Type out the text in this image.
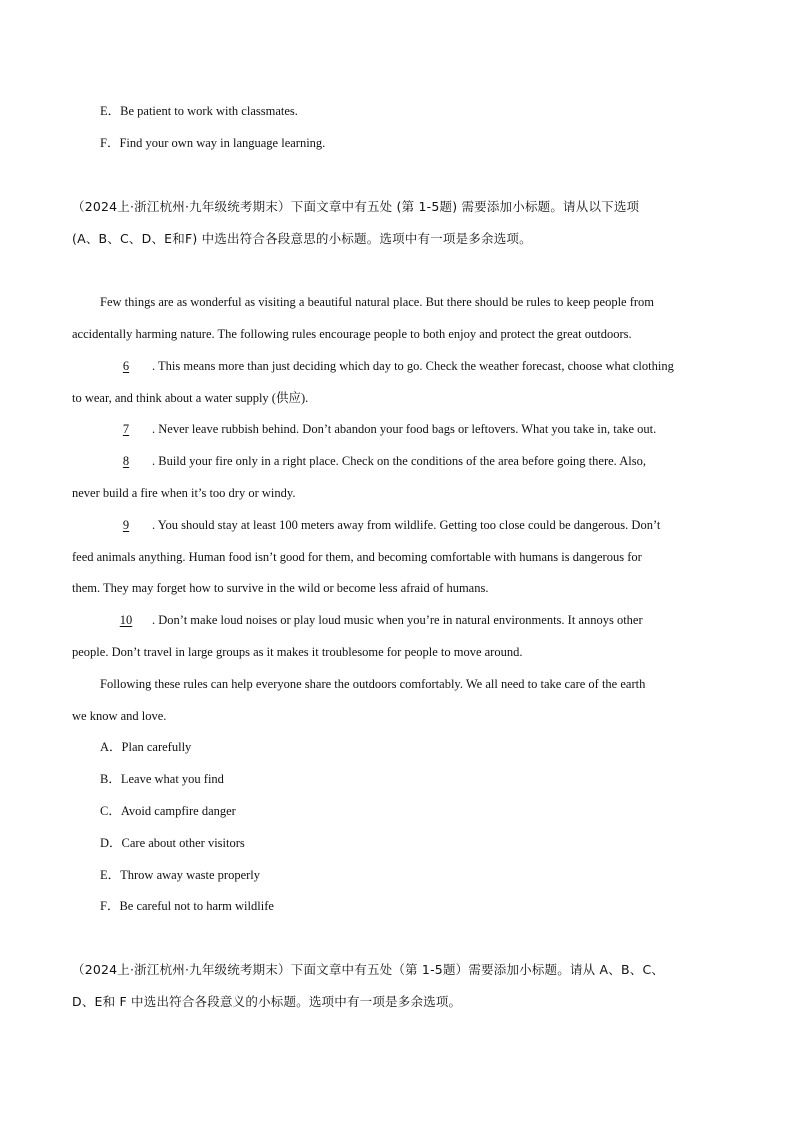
E．Be patient to work with classmates.
F．Find your own way in language learning.
（2024上·浙江杭州·九年级统考期末）下面文章中有五处 (第 1-5题) 需要添加小标题。请从以下选项
(A、B、C、D、E和F) 中选出符合各段意思的小标题。选项中有一项是多余选项。
Few things are as wonderful as visiting a beautiful natural place. But there should be rules to keep people from
accidentally harming nature. The following rules encourage people to both enjoy and protect the great outdoors.
6 . This means more than just deciding which day to go. Check the weather forecast, choose what clothing
to wear, and think about a water supply (供应).
7 . Never leave rubbish behind. Don’t abandon your food bags or leftovers. What you take in, take out.
8 . Build your fire only in a right place. Check on the conditions of the area before going there. Also,
never build a fire when it’s too dry or windy.
9 . You should stay at least 100 meters away from wildlife. Getting too close could be dangerous. Don’t
feed animals anything. Human food isn’t good for them, and becoming comfortable with humans is dangerous for
them. They may forget how to survive in the wild or become less afraid of humans.
10 . Don’t make loud noises or play loud music when you’re in natural environments. It annoys other
people. Don’t travel in large groups as it makes it troublesome for people to move around.
Following these rules can help everyone share the outdoors comfortably. We all need to take care of the earth
we know and love.
A．Plan carefully
B．Leave what you find
C．Avoid campfire danger
D．Care about other visitors
E．Throw away waste properly
F．Be careful not to harm wildlife
（2024上·浙江杭州·九年级统考期末）下面文章中有五处（第 1-5题）需要添加小标题。请从 A、B、C、
D、E和 F 中选出符合各段意义的小标题。选项中有一项是多余选项。
